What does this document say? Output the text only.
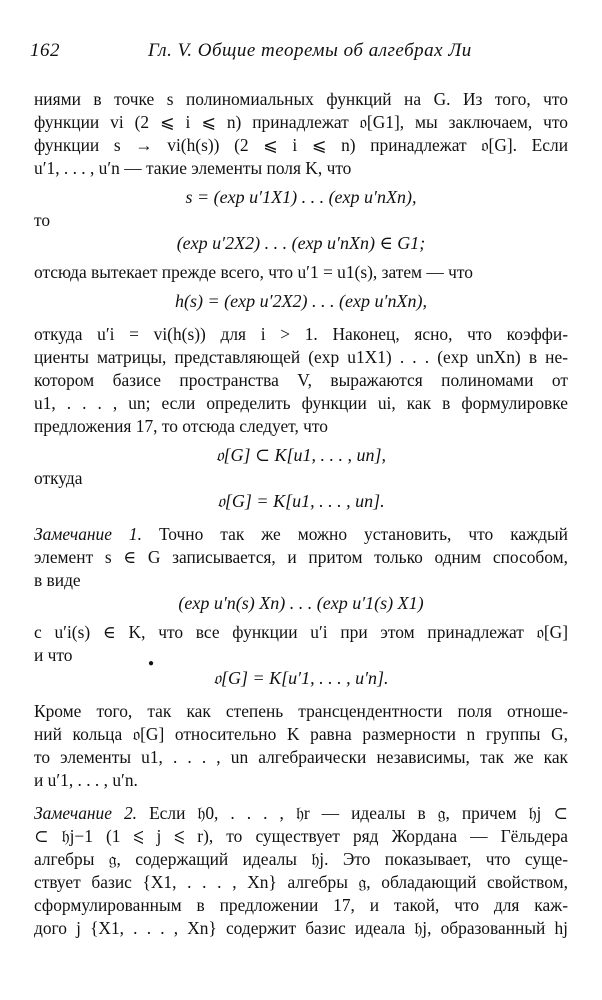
162	Гл. V. Общие теоремы об алгебрах Ли
ниями в точке s полиномиальных функций на G. Из того, что
функции vi (2 ⩽ i ⩽ n) принадлежат 𝔬[G1], мы заключаем, что
функции s → vi(h(s)) (2 ⩽ i ⩽ n) принадлежат 𝔬[G]. Если
u′1, . . . , u′n — такие элементы поля K, что
s = (exp u′1X1) . . . (exp u′nXn),
то
(exp u′2X2) . . . (exp u′nXn) ∈ G1;
отсюда вытекает прежде всего, что u′1 = u1(s), затем — что
h(s) = (exp u′2X2) . . . (exp u′nXn),
откуда u′i = vi(h(s)) для i > 1. Наконец, ясно, что коэффи-
циенты матрицы, представляющей (exp u1X1) . . . (exp unXn) в не-
котором базисе пространства V, выражаются полиномами от
u1, . . . , un; если определить функции ui, как в формулировке
предложения 17, то отсюда следует, что
𝔬[G] ⊂ K[u1, . . . , un],
откуда
𝔬[G] = K[u1, . . . , un].
Замечание 1. Точно так же можно установить, что каждый
элемент s ∈ G записывается, и притом только одним способом,
в виде
(exp u′n(s) Xn) . . . (exp u′1(s) X1)
с u′i(s) ∈ K, что все функции u′i при этом принадлежат 𝔬[G]
и что
𝔬[G] = K[u′1, . . . , u′n].
Кроме того, так как степень трансцендентности поля отноше-
ний кольца 𝔬[G] относительно K равна размерности n группы G,
то элементы u1, . . . , un алгебраически независимы, так же как
и u′1, . . . , u′n.
Замечание 2. Если 𝔥0, . . . , 𝔥r — идеалы в 𝔤, причем 𝔥j ⊂
⊂ 𝔥j−1 (1 ⩽ j ⩽ r), то существует ряд Жордана — Гёльдера
алгебры 𝔤, содержащий идеалы 𝔥j. Это показывает, что суще-
ствует базис {X1, . . . , Xn} алгебры 𝔤, обладающий свойством,
сформулированным в предложении 17, и такой, что для каж-
дого j {X1, . . . , Xn} содержит базис идеала 𝔥j, образованный hj
●
